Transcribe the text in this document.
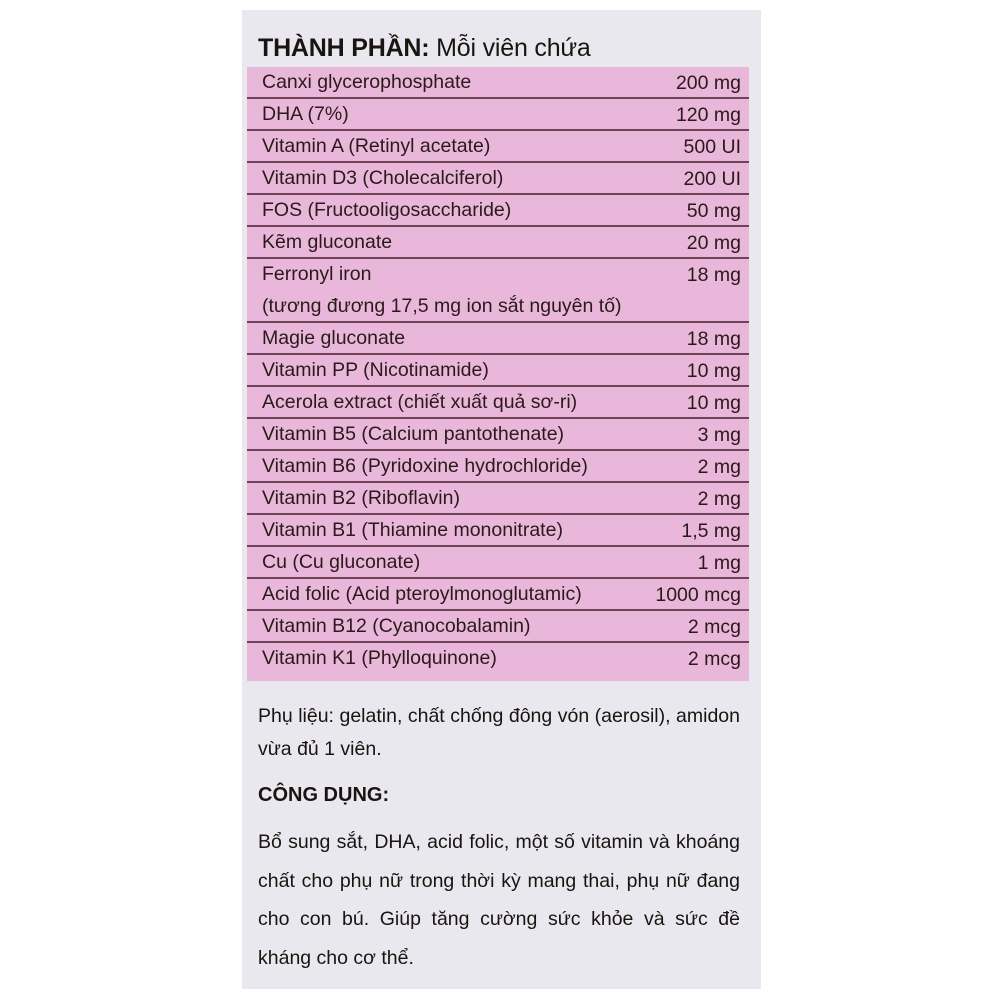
THÀNH PHẦN: Mỗi viên chứa
Canxi glycerophosphate	200 mg
DHA (7%)	120 mg
Vitamin A (Retinyl acetate)	500 UI
Vitamin D3 (Cholecalciferol)	200 UI
FOS (Fructooligosaccharide)	50 mg
Kẽm gluconate	20 mg
Ferronyl iron	18 mg
(tương đương 17,5 mg ion sắt nguyên tố)
Magie gluconate	18 mg
Vitamin PP (Nicotinamide)	10 mg
Acerola extract (chiết xuất quả sơ-ri)	10 mg
Vitamin B5 (Calcium pantothenate)	3 mg
Vitamin B6 (Pyridoxine hydrochloride)	2 mg
Vitamin B2 (Riboflavin)	2 mg
Vitamin B1 (Thiamine mononitrate)	1,5 mg
Cu (Cu gluconate)	1 mg
Acid folic (Acid pteroylmonoglutamic)	1000 mcg
Vitamin B12 (Cyanocobalamin)	2 mcg
Vitamin K1 (Phylloquinone)	2 mcg
Phụ liệu: gelatin, chất chống đông vón (aerosil), amidon vừa đủ 1 viên.
CÔNG DỤNG:
Bổ sung sắt, DHA, acid folic, một số vitamin và khoáng chất cho phụ nữ trong thời kỳ mang thai, phụ nữ đang cho con bú. Giúp tăng cường sức khỏe và sức đề kháng cho cơ thể.
